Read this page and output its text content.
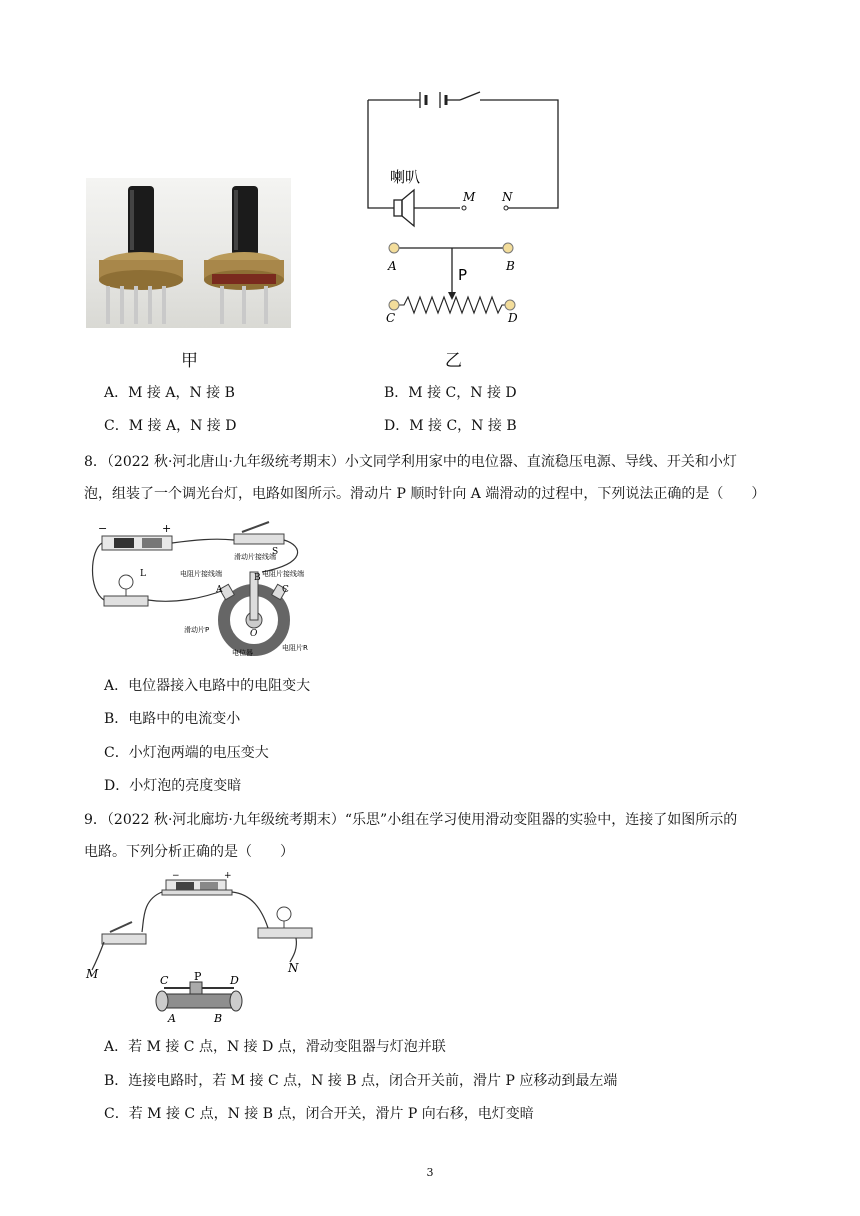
喇叭
M N
A	B
P
C	D
甲	乙
A．M 接 A，N 接 B	B．M 接 C，N 接 D
C．M 接 A，N 接 D	D．M 接 C，N 接 B
8．（2022 秋·河北唐山·九年级统考期末）小文同学利用家中的电位器、直流稳压电源、导线、开关和小灯
泡，组装了一个调光台灯，电路如图所示。滑动片 P 顺时针向 A 端滑动的过程中，下列说法正确的是（　　）
−	+
S
L
滑动片接线端
电阻片接线端	电阻片接线端
A
B
C
O
滑动片P
电位器
电阻片R
A．电位器接入电路中的电阻变大
B．电路中的电流变小
C．小灯泡两端的电压变大
D．小灯泡的亮度变暗
9．（2022 秋·河北廊坊·九年级统考期末）“乐思”小组在学习使用滑动变阻器的实验中，连接了如图所示的
电路。下列分析正确的是（　　）
−	+
M	N
C P	D
A	B
A．若 M 接 C 点，N 接 D 点，滑动变阻器与灯泡并联
B．连接电路时，若 M 接 C 点，N 接 B 点，闭合开关前，滑片 P 应移动到最左端
C．若 M 接 C 点，N 接 B 点，闭合开关，滑片 P 向右移，电灯变暗
3
